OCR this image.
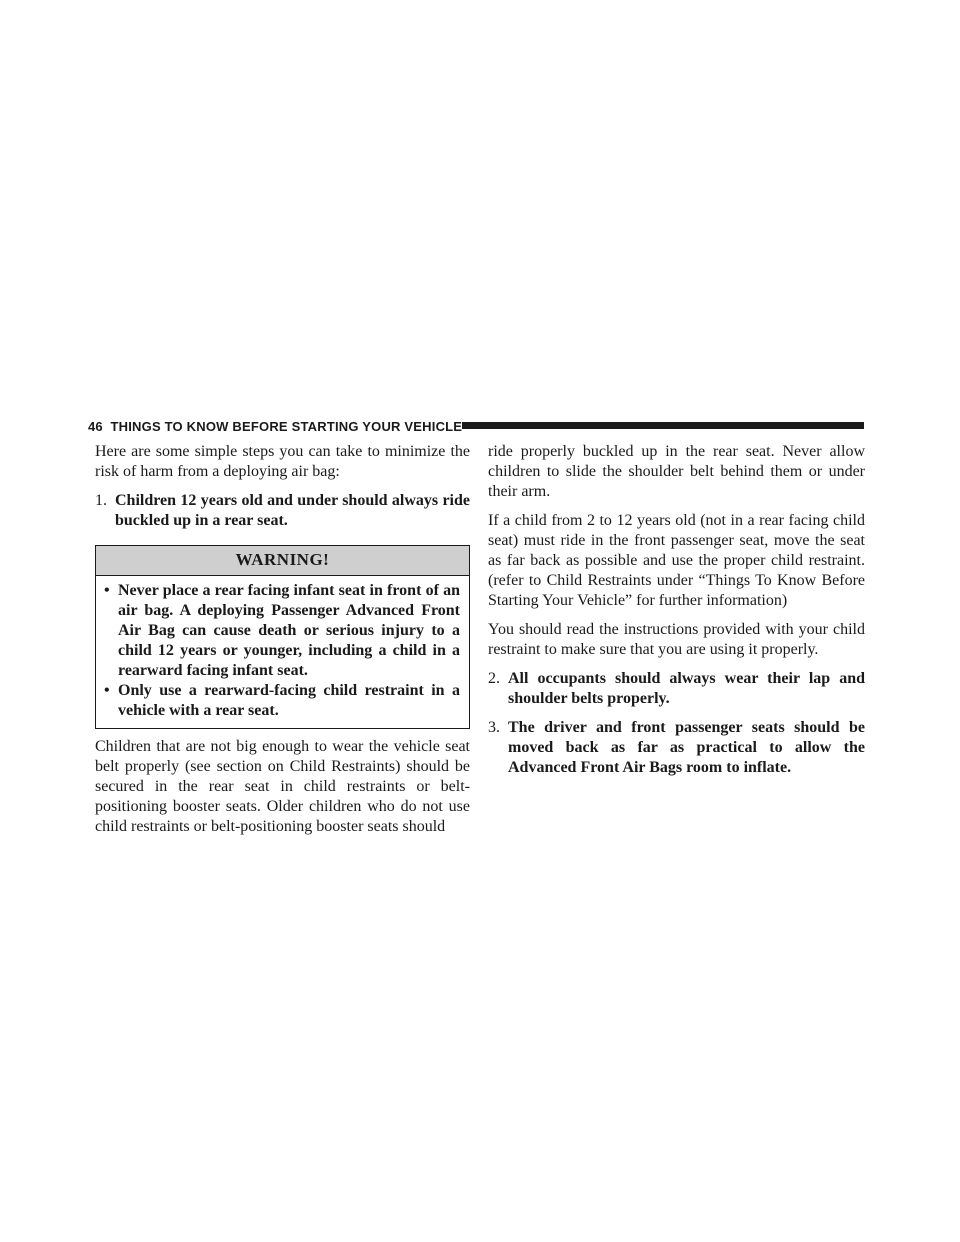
46 THINGS TO KNOW BEFORE STARTING YOUR VEHICLE

Here are some simple steps you can take to minimize the risk of harm from a deploying air bag:

1. Children 12 years old and under should always ride buckled up in a rear seat.
WARNING!
• Never place a rear facing infant seat in front of an air bag. A deploying Passenger Advanced Front Air Bag can cause death or serious injury to a child 12 years or younger, including a child in a rearward facing infant seat.
• Only use a rearward-facing child restraint in a vehicle with a rear seat.

Children that are not big enough to wear the vehicle seat belt properly (see section on Child Restraints) should be secured in the rear seat in child restraints or belt-positioning booster seats. Older children who do not use child restraints or belt-positioning booster seats should

ride properly buckled up in the rear seat. Never allow children to slide the shoulder belt behind them or under their arm.

If a child from 2 to 12 years old (not in a rear facing child seat) must ride in the front passenger seat, move the seat as far back as possible and use the proper child restraint. (refer to Child Restraints under “Things To Know Before Starting Your Vehicle” for further information)

You should read the instructions provided with your child restraint to make sure that you are using it properly.

2. All occupants should always wear their lap and shoulder belts properly.
3. The driver and front passenger seats should be moved back as far as practical to allow the Advanced Front Air Bags room to inflate.
